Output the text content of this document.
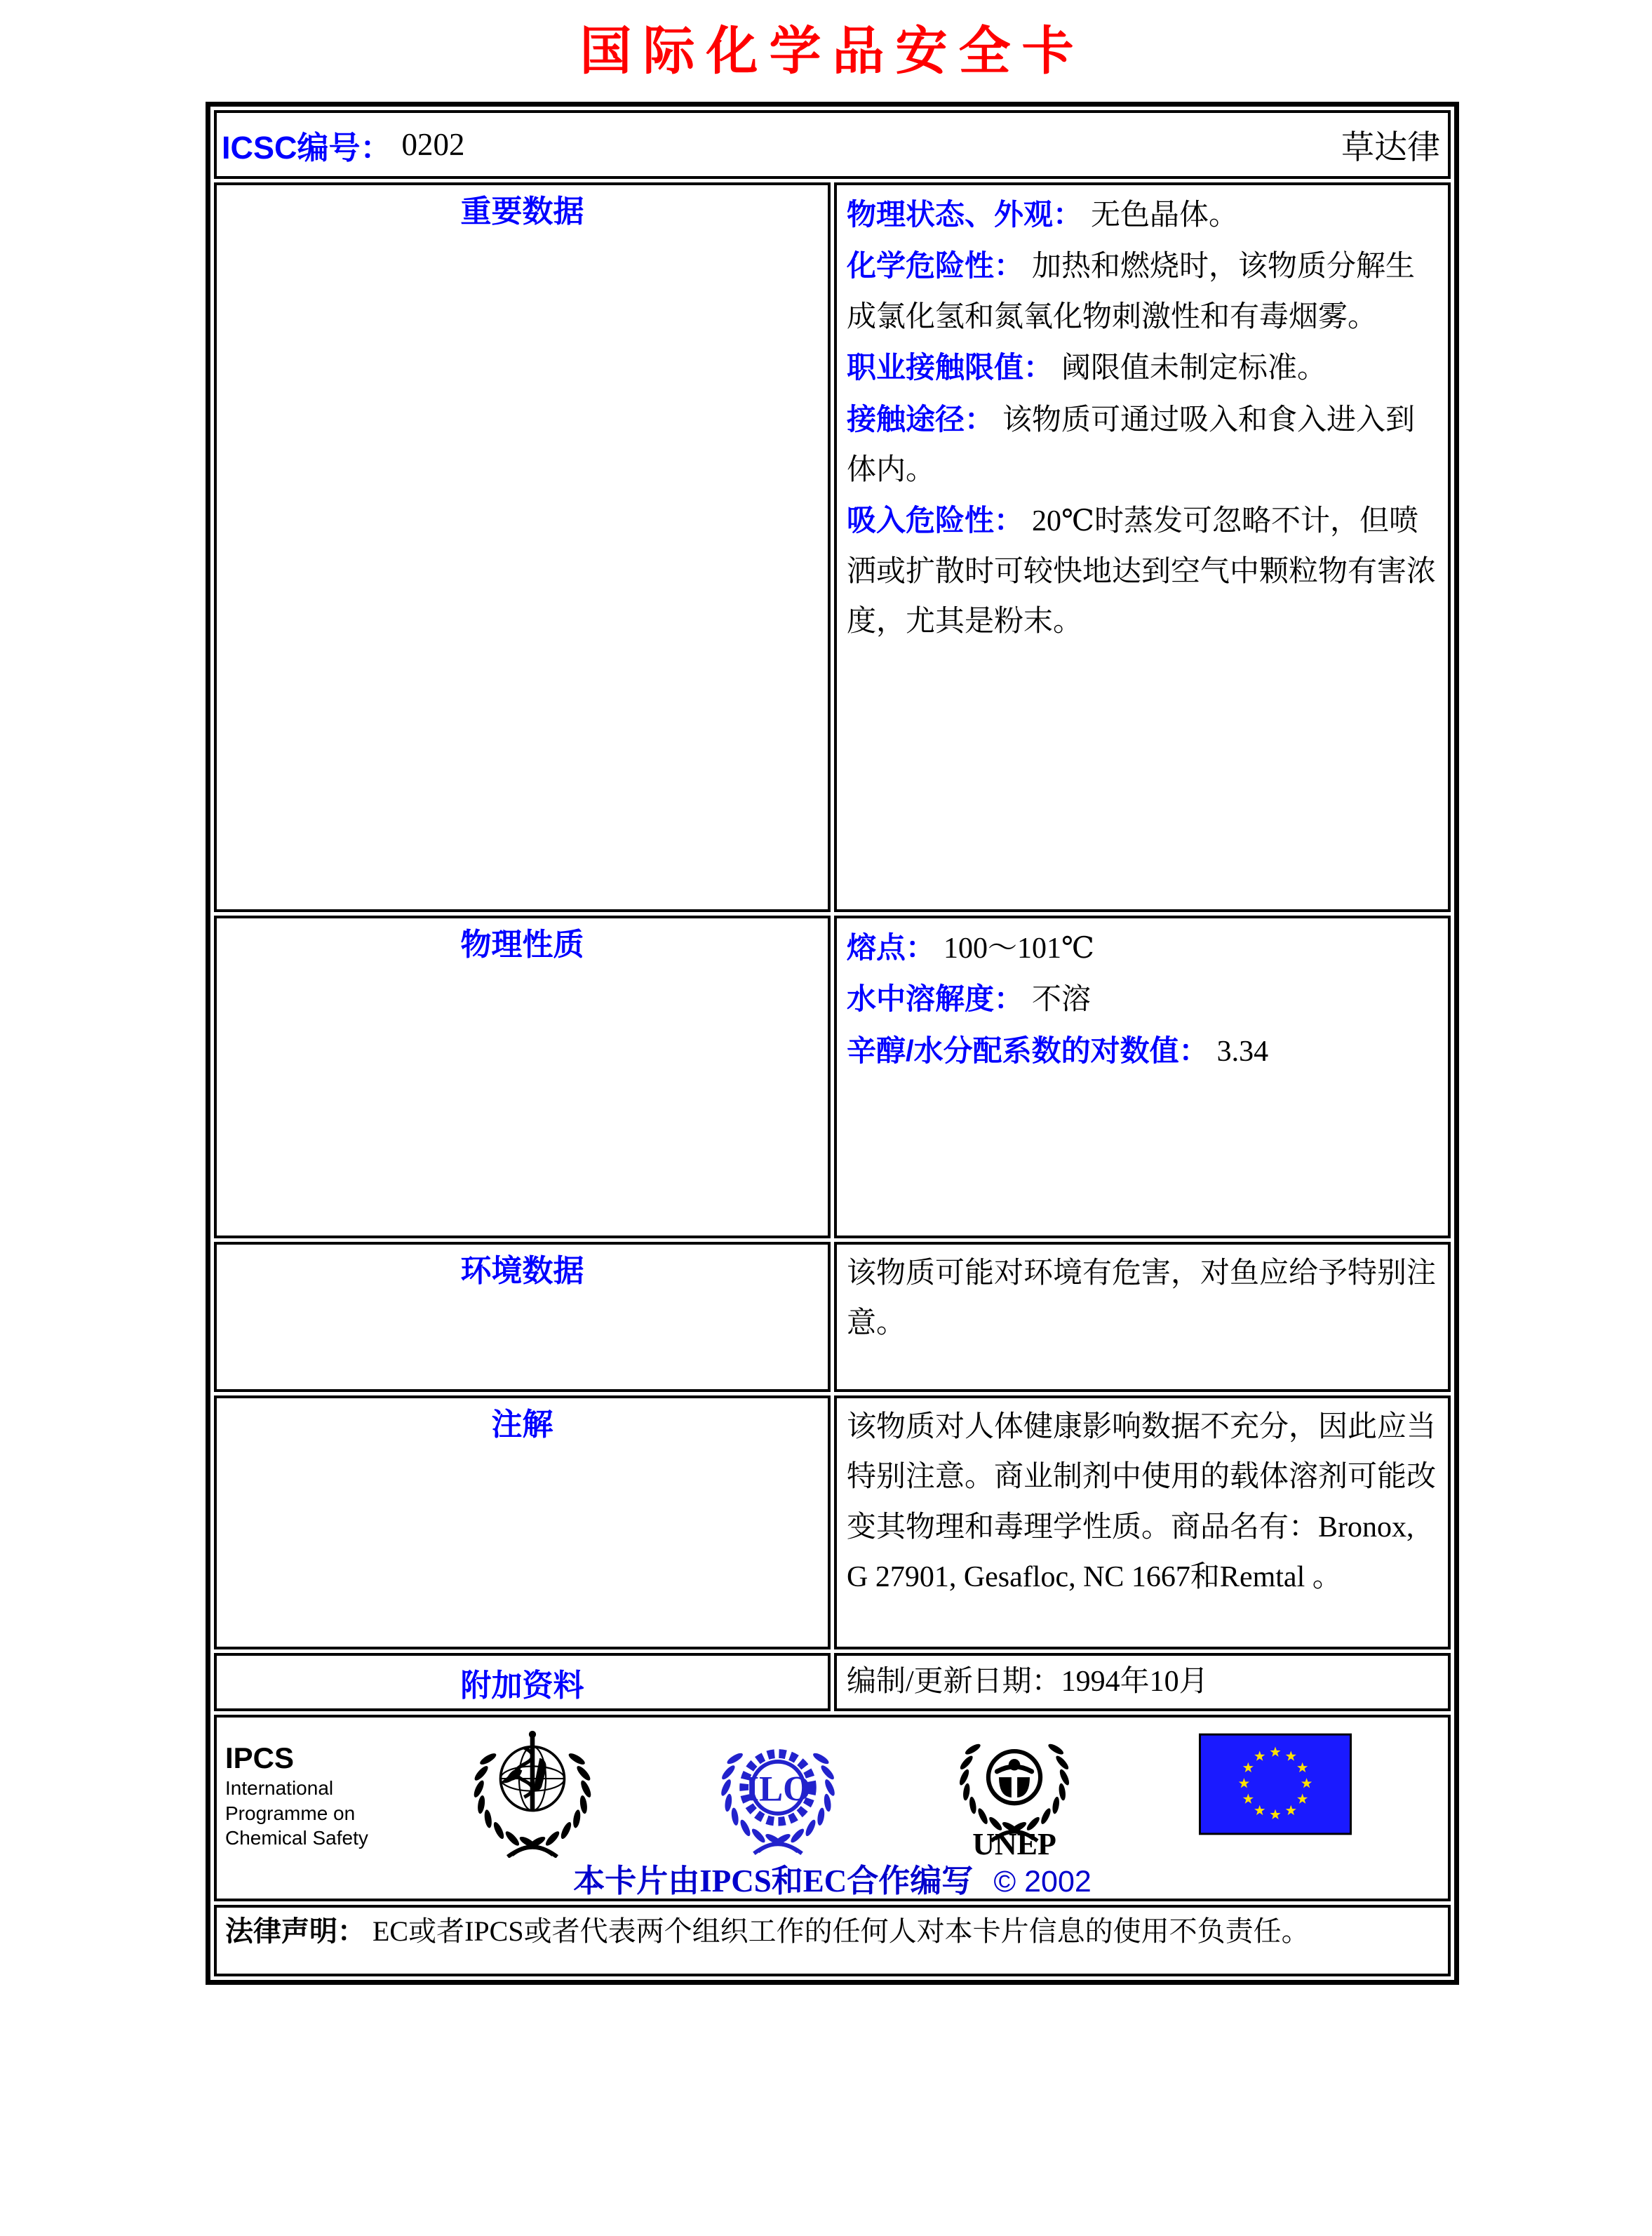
国际化学品安全卡
ICSC编号： 0202 草达律	

重要数据	物理状态、外观： 无色晶体。
化学危险性： 加热和燃烧时，该物质分解生成氯化氢和氮氧化物刺激性和有毒烟雾。
职业接触限值： 阈限值未制定标准。
接触途径： 该物质可通过吸入和食入进入到体内。
吸入危险性： 20℃时蒸发可忽略不计，但喷洒或扩散时可较快地达到空气中颗粒物有害浓度，尤其是粉末。

物理性质	熔点： 100～101℃
水中溶解度： 不溶
辛醇/水分配系数的对数值： 3.34

环境数据	该物质可能对环境有危害，对鱼应给予特别注意。
注解	该物质对人体健康影响数据不充分，因此应当特别注意。商业制剂中使用的载体溶剂可能改变其物理和毒理学性质。商品名有：Bronox, G 27901, Gesafloc, NC 1667和Remtal 。
附加资料	编制/更新日期：1994年10月

IPCS
International
Programme on
Chemical Safety
ILO
UNEP
本卡片由IPCS和EC合作编写 © 2002

法律声明： EC或者IPCS或者代表两个组织工作的任何人对本卡片信息的使用不负责任。	
